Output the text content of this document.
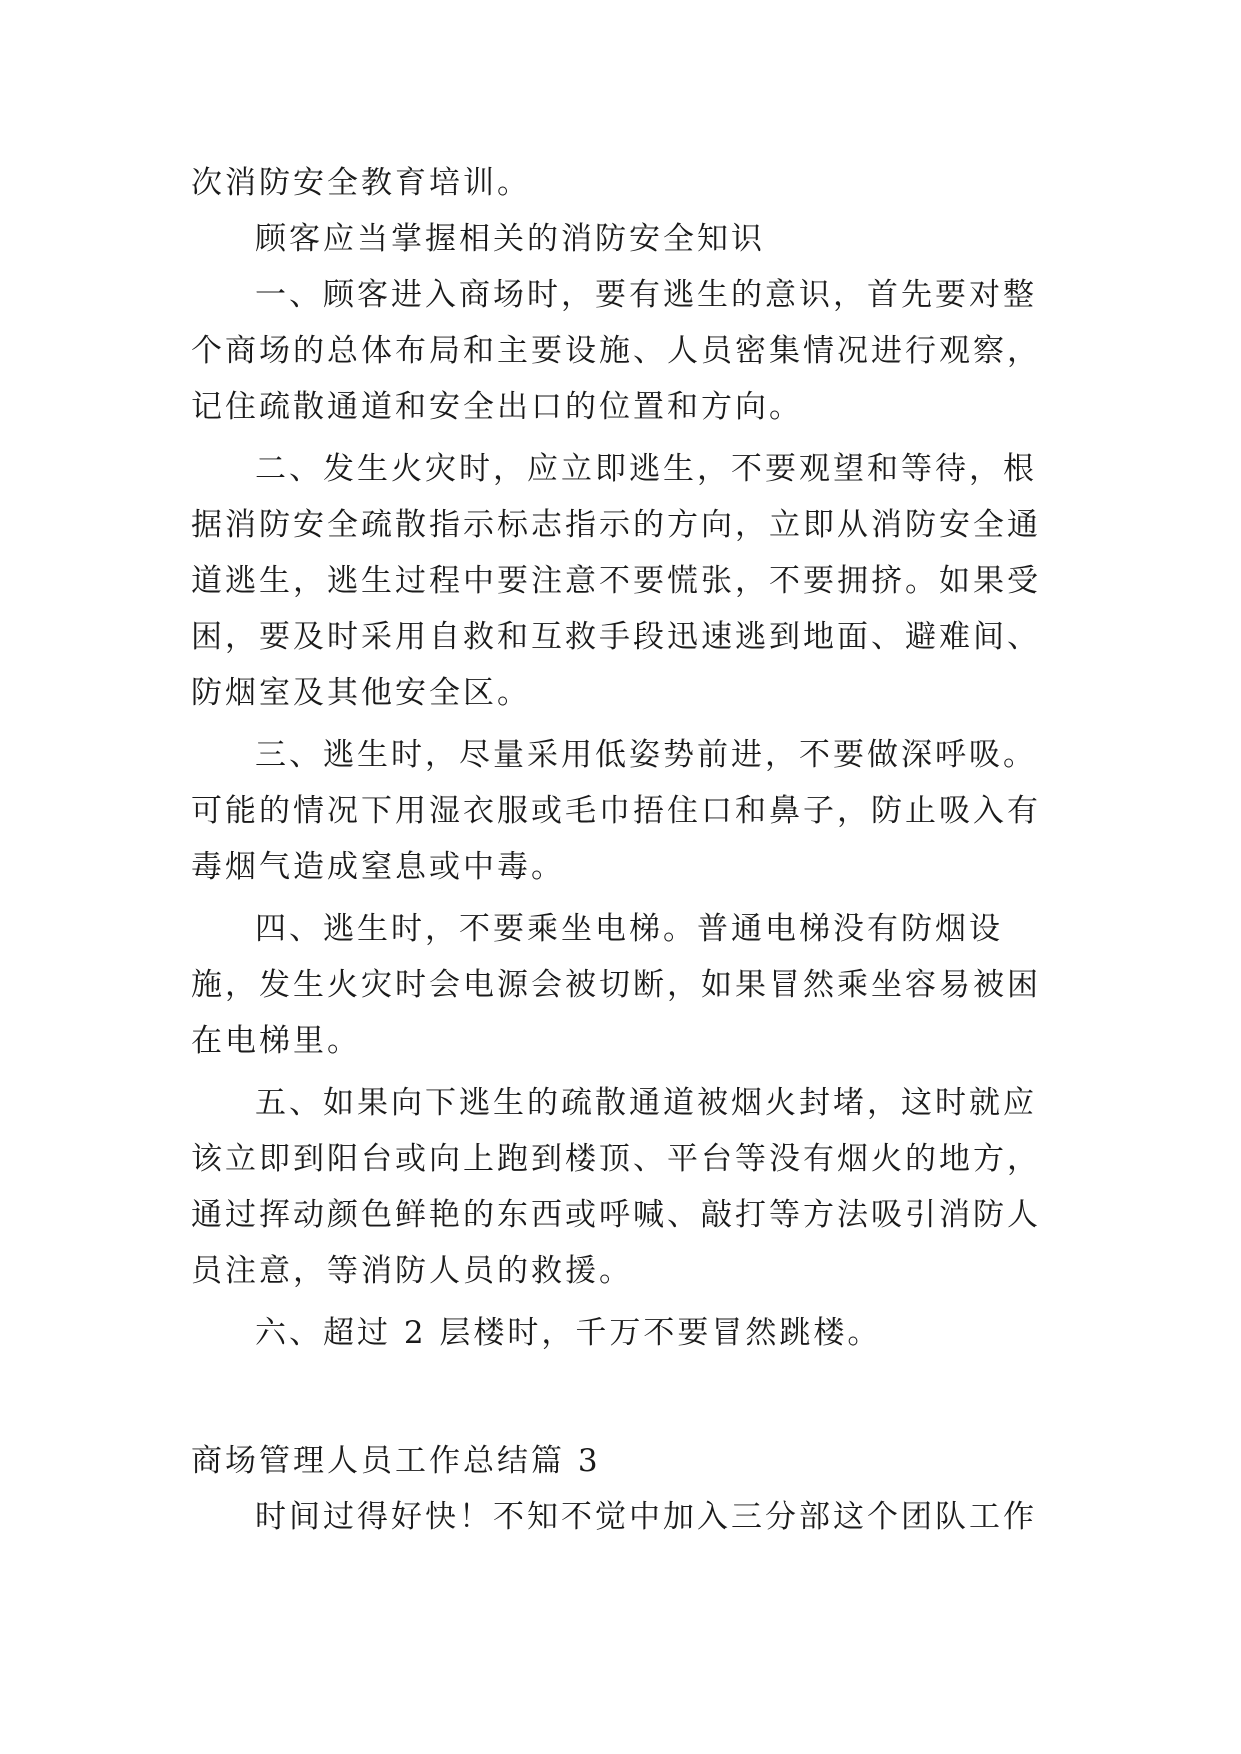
次消防安全教育培训。

顾客应当掌握相关的消防安全知识

一、顾客进入商场时，要有逃生的意识，首先要对整个商场的总体布局和主要设施、人员密集情况进行观察，记住疏散通道和安全出口的位置和方向。

二、发生火灾时，应立即逃生，不要观望和等待，根据消防安全疏散指示标志指示的方向，立即从消防安全通道逃生，逃生过程中要注意不要慌张，不要拥挤。如果受困，要及时采用自救和互救手段迅速逃到地面、避难间、防烟室及其他安全区。

三、逃生时，尽量采用低姿势前进，不要做深呼吸。可能的情况下用湿衣服或毛巾捂住口和鼻子，防止吸入有毒烟气造成窒息或中毒。

四、逃生时，不要乘坐电梯。普通电梯没有防烟设施，发生火灾时会电源会被切断，如果冒然乘坐容易被困在电梯里。

五、如果向下逃生的疏散通道被烟火封堵，这时就应该立即到阳台或向上跑到楼顶、平台等没有烟火的地方，通过挥动颜色鲜艳的东西或呼喊、敲打等方法吸引消防人员注意，等消防人员的救援。

六、超过 2 层楼时，千万不要冒然跳楼。

商场管理人员工作总结篇 3

时间过得好快！不知不觉中加入三分部这个团队工作
